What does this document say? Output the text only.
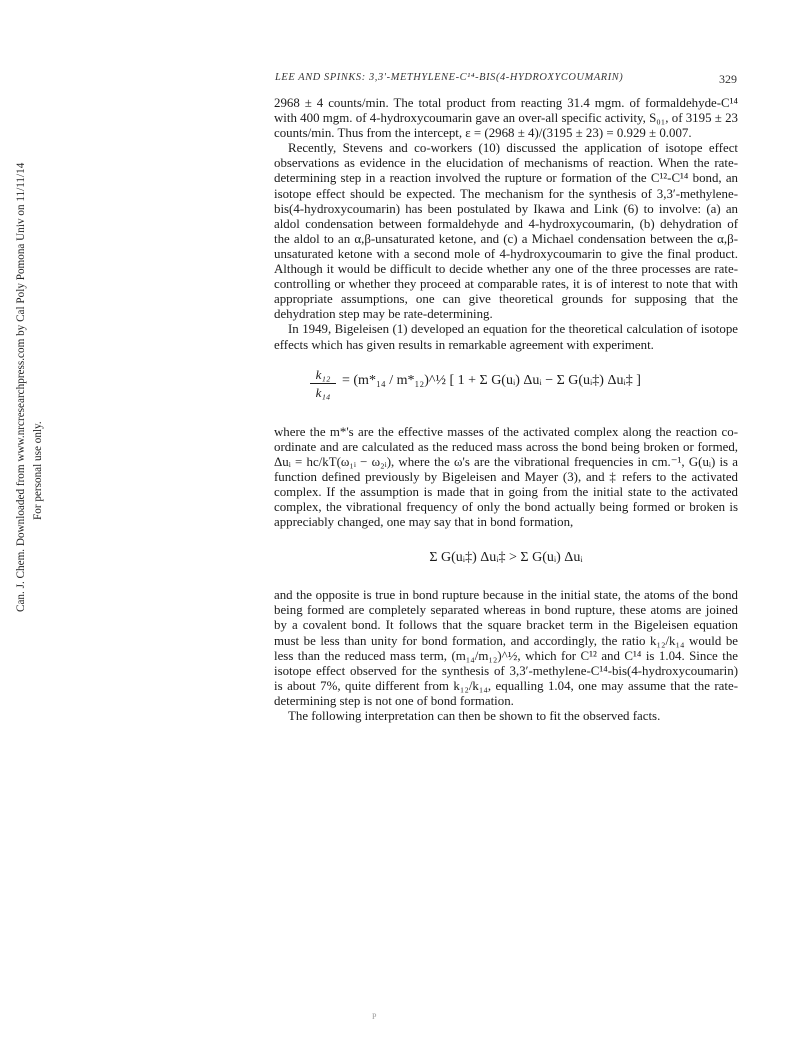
Can. J. Chem. Downloaded from www.nrcresearchpress.com by Cal Poly Pomona Univ on 11/11/14 For personal use only.
LEE AND SPINKS: 3,3′-METHYLENE-C¹⁴-BIS(4-HYDROXYCOUMARIN)	329

2968 ± 4 counts/min. The total product from reacting 31.4 mgm. of formaldehyde-C¹⁴ with 400 mgm. of 4-hydroxycoumarin gave an over-all specific activity, S₀₁, of 3195 ± 23 counts/min. Thus from the intercept, ε = (2968 ± 4)/(3195 ± 23) = 0.929 ± 0.007.

Recently, Stevens and co-workers (10) discussed the application of isotope effect observations as evidence in the elucidation of mechanisms of reaction. When the rate-determining step in a reaction involved the rupture or formation of the C¹²-C¹⁴ bond, an isotope effect should be expected. The mechanism for the synthesis of 3,3′-methylene-bis(4-hydroxycoumarin) has been postulated by Ikawa and Link (6) to involve: (a) an aldol condensation between formaldehyde and 4-hydroxycoumarin, (b) dehydration of the aldol to an α,β-unsaturated ketone, and (c) a Michael condensation between the α,β-unsaturated ketone with a second mole of 4-hydroxycoumarin to give the final product. Although it would be difficult to decide whether any one of the three processes are rate-controlling or whether they proceed at comparable rates, it is of interest to note that with appropriate assumptions, one can give theoretical grounds for supposing that the dehydration step may be rate-determining.

In 1949, Bigeleisen (1) developed an equation for the theoretical calculation of isotope effects which has given results in remarkable agreement with experiment.

$\frac{\text{k₁₂}}{\text{k₁₄}} = (m*_{14}$ / m*₁₂)^½ [ 1 + Σ G(uᵢ) Δuᵢ − Σ G(uᵢ‡) Δuᵢ‡ ]

where the m*'s are the effective masses of the activated complex along the reaction co-ordinate and are calculated as the reduced mass across the bond being broken or formed, Δuᵢ = hc/kT(ω₁ᵢ − ω₂ᵢ), where the ω's are the vibrational frequencies in cm.⁻¹, G(uᵢ) is a function defined previously by Bigeleisen and Mayer (3), and ‡ refers to the activated complex. If the assumption is made that in going from the initial state to the activated complex, the vibrational frequency of only the bond actually being formed or broken is appreciably changed, one may say that in bond formation,

Σ G(uᵢ‡) Δuᵢ‡ > Σ G(uᵢ) Δuᵢ

and the opposite is true in bond rupture because in the initial state, the atoms of the bond being formed are completely separated whereas in bond rupture, these atoms are joined by a covalent bond. It follows that the square bracket term in the Bigeleisen equation must be less than unity for bond formation, and accordingly, the ratio k₁₂/k₁₄ would be less than the reduced mass term, (m₁₄/m₁₂)^½, which for C¹² and C¹⁴ is 1.04. Since the isotope effect observed for the synthesis of 3,3′-methylene-C¹⁴-bis(4-hydroxycoumarin) is about 7%, quite different from k₁₂/k₁₄, equalling 1.04, one may assume that the rate-determining step is not one of bond formation.

The following interpretation can then be shown to fit the observed facts.

P
